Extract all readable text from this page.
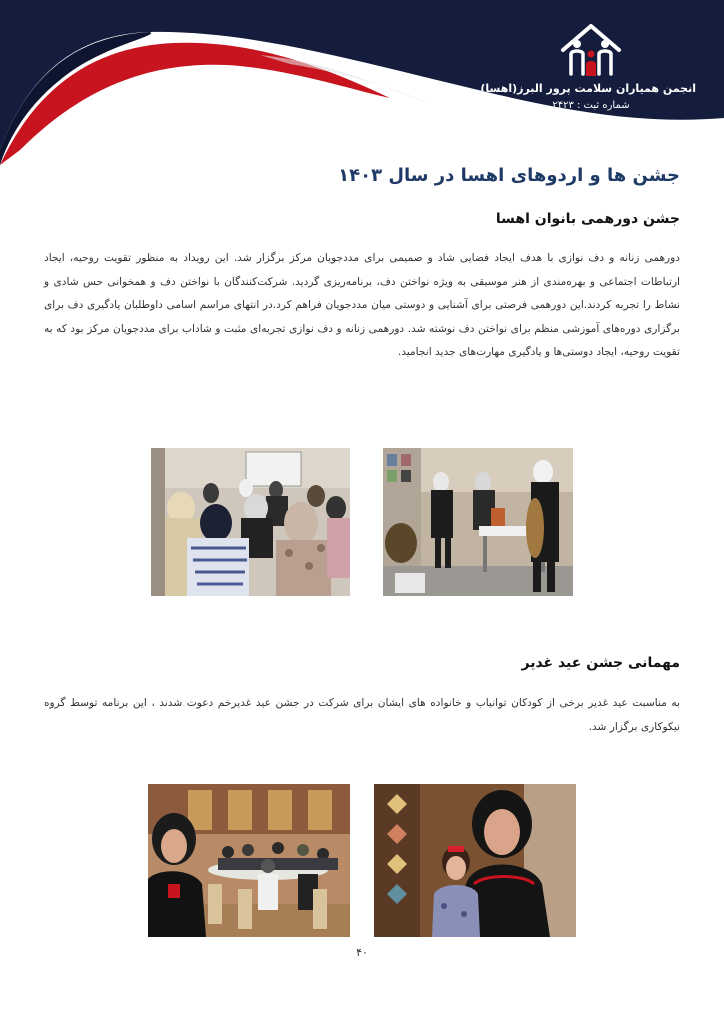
انجمن همیاران سلامت پرور البرز(اهسا)
شماره ثبت : ۲۴۲۳
جشن ها و اردوهای اهسا در سال ۱۴۰۳
جشن دورهمی بانوان اهسا
دورهمی زنانه و دف نوازی با هدف ایجاد فضایی شاد و صمیمی برای مددجویان مرکز برگزار شد. این رویداد به منظور تقویت روحیه، ایجاد ارتباطات اجتماعی و بهره‌مندی از هنر موسیقی به ویژه نواختن دف، برنامه‌ریزی گردید. شرکت‌کنندگان با نواختن دف و همخوانی حس شادی و نشاط را تجربه کردند.این دورهمی فرصتی برای آشنایی و دوستی میان مددجویان فراهم کرد.در انتهای مراسم اسامی داوطلبان یادگیری دف برای برگزاری دوره‌های آموزشی منظم برای نواختن دف نوشته شد. دورهمی زنانه و دف نوازی تجربه‌ای مثبت و شاداب برای مددجویان مرکز بود که به تقویت روحیه، ایجاد دوستی‌ها و یادگیری مهارت‌های جدید انجامید.
مهمانی جشن عید غدیر
به مناسبت عید غدیر برخی از کودکان توانیاب و خانواده های ایشان برای شرکت در جشن عید غدیرخم دعوت شدند ، این برنامه توسط گروه نیکوکاری برگزار شد.
۴۰
